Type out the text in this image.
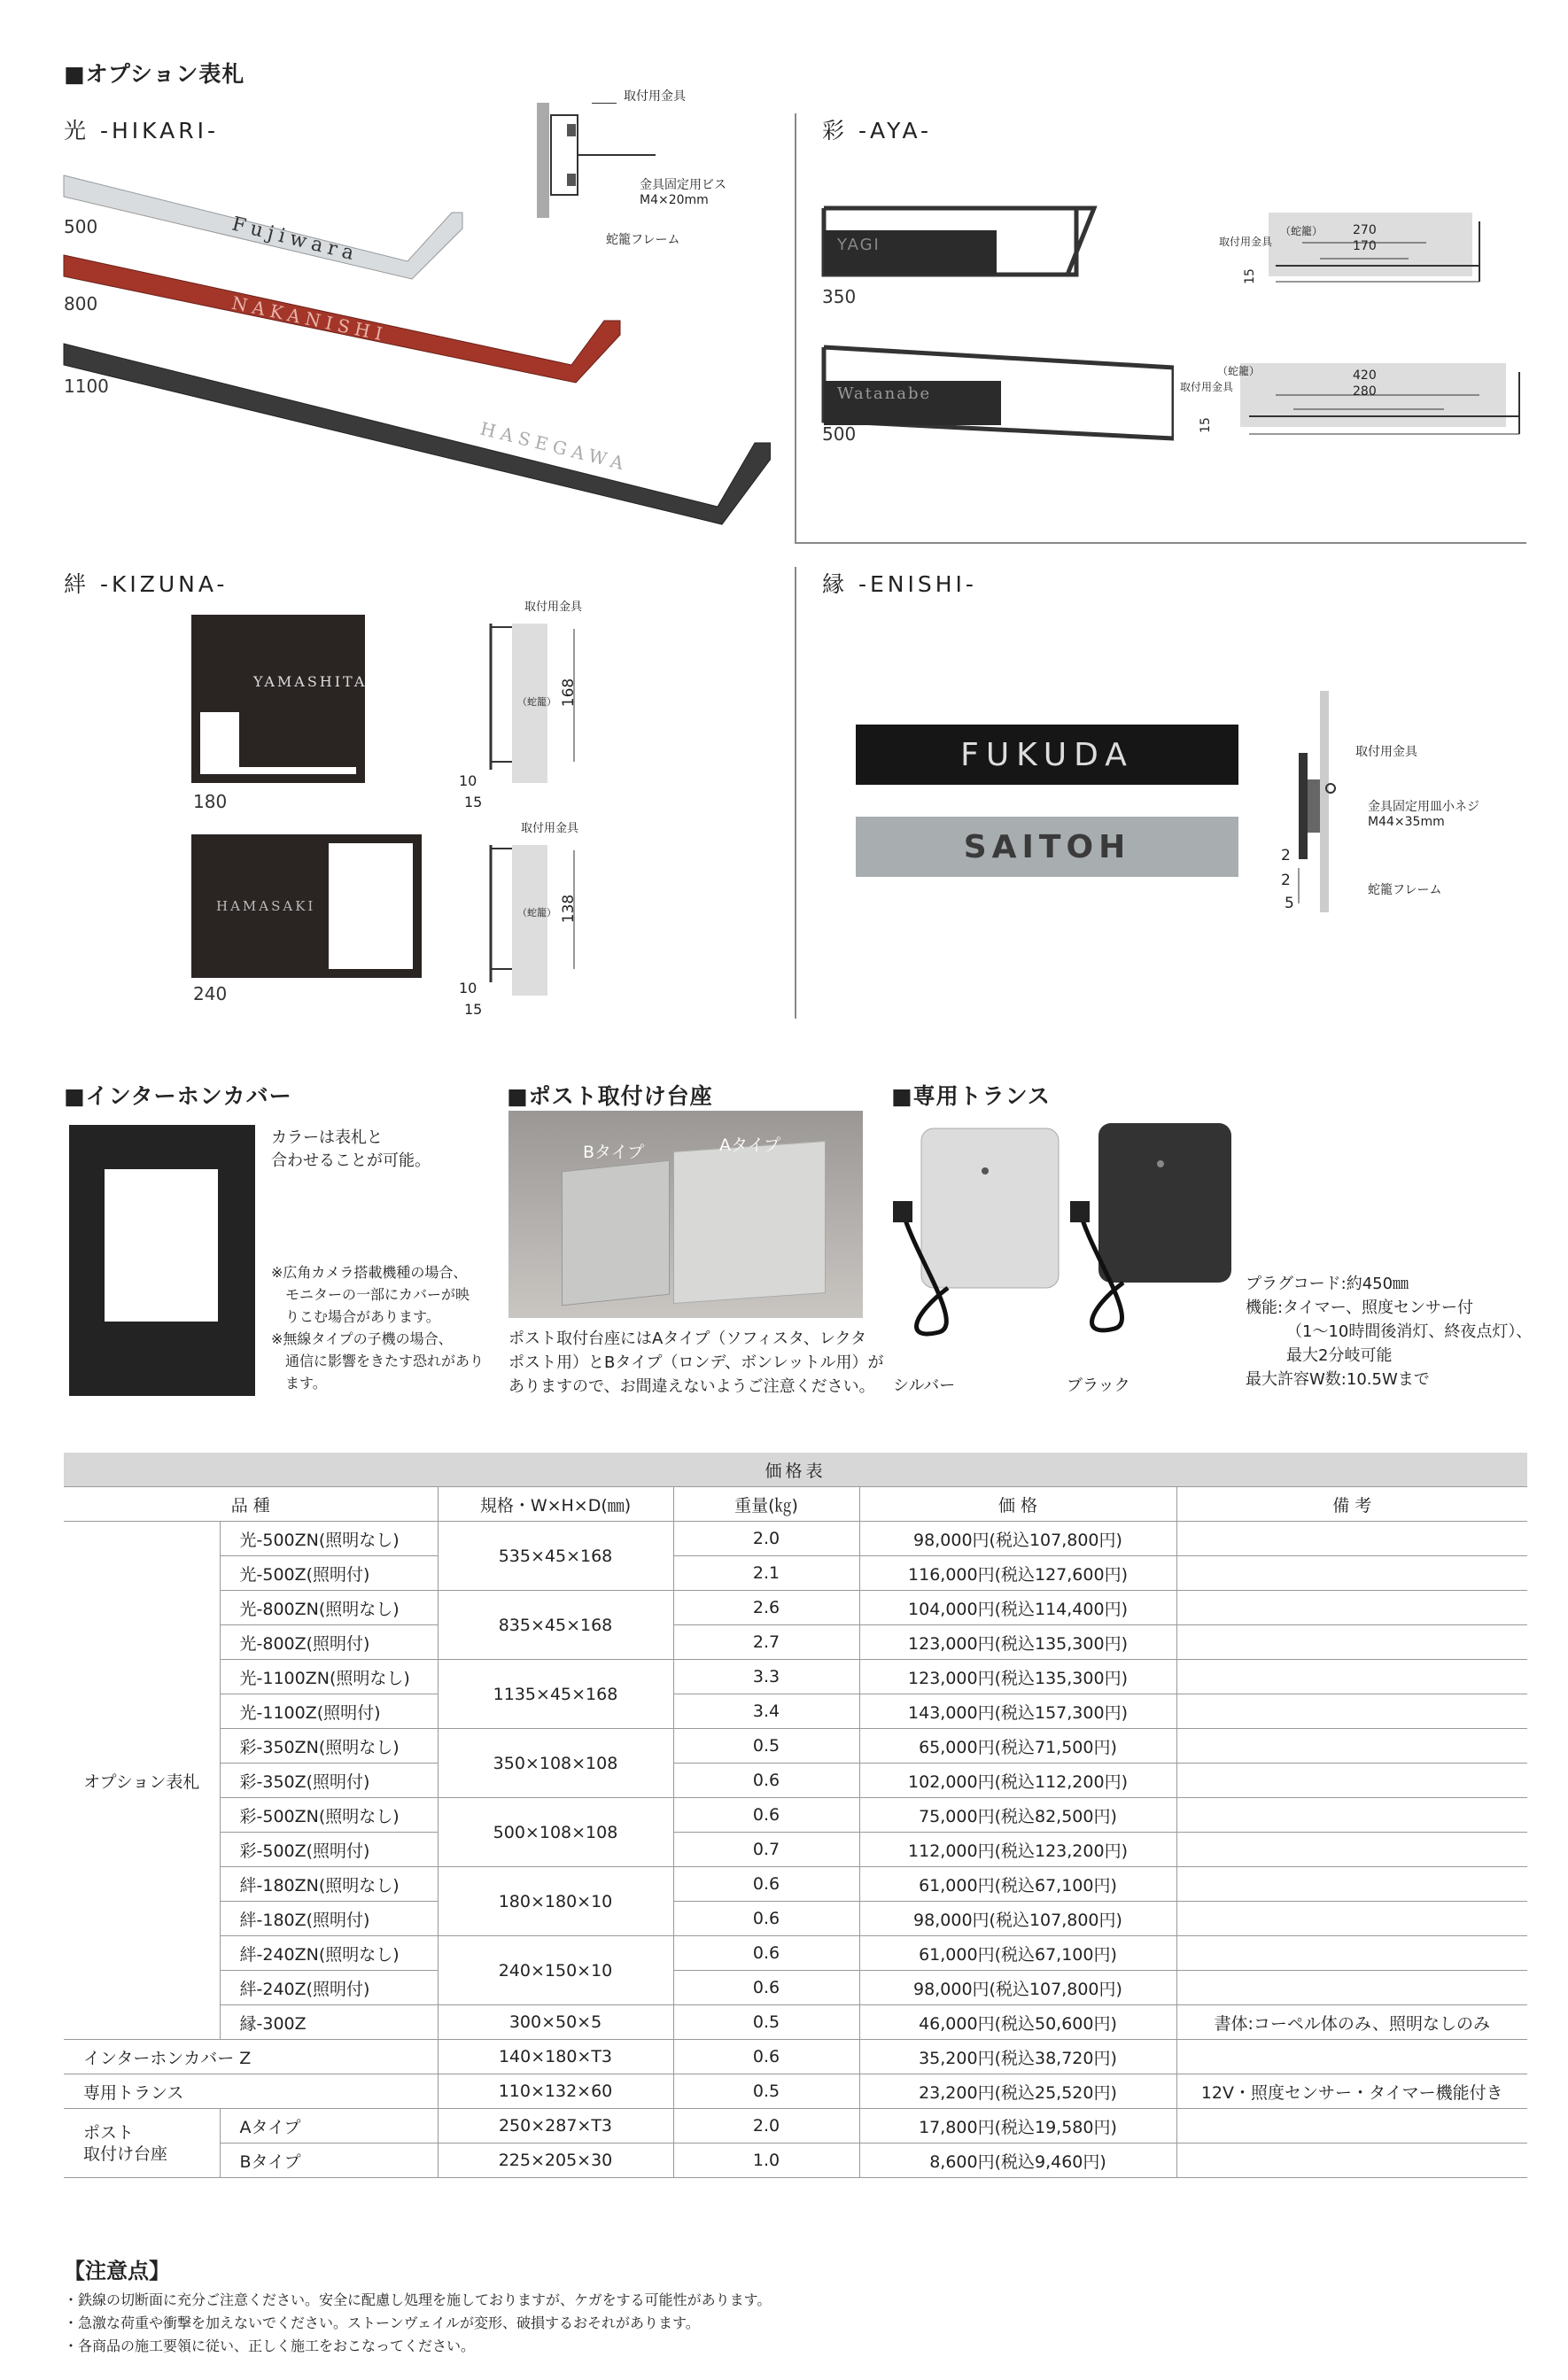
■オプション表札
光 -HIKARI-
Fujiwara
NAKANISHI
HASEGAWA
500
800
1100
取付用金具
金具固定用ビス
M4×20mm
蛇籠フレーム
彩 -AYA-
YAGI
Watanabe
350
500
（蛇籠）
取付用金具
270
170
15
（蛇籠）
取付用金具
420
280
15
絆 -KIZUNA-
YAMASHITA
HAMASAKI
180
240
取付用金具
（蛇籠） 168
10
15
取付用金具
（蛇籠） 138
10
15
縁 -ENISHI-
FUKUDA
SAITOH
取付用金具
金具固定用皿小ネジ
M44×35mm
蛇籠フレーム
2
2
5
■インターホンカバー	■ポスト取付け台座	■専用トランス
カラーは表札と
合わせることが可能。
※広角カメラ搭載機種の場合、
モニターの一部にカバーが映
りこむ場合があります。
※無線タイプの子機の場合、
通信に影響をきたす恐れがあり
ます。
Bタイプ	Aタイプ
ポスト取付台座にはAタイプ（ソフィスタ、レクタ
ポスト用）とBタイプ（ロンデ、ボンレットル用）が
ありますので、お間違えないようご注意ください。	シルバー	ブラック
プラグコード:約450㎜
機能:タイマー、照度センサー付
（1〜10時間後消灯、終夜点灯）、
最大2分岐可能
最大許容W数:10.5Wまで
価格表					
品 種		規格・W×H×D(㎜)	重量(㎏)	価 格	備 考
オプション表札	光-500ZN(照明なし)	535×45×168	2.0	98,000円(税込107,800円)	
	光-500Z(照明付)		2.1	116,000円(税込127,600円)	
	光-800ZN(照明なし)	835×45×168	2.6	104,000円(税込114,400円)	
	光-800Z(照明付)		2.7	123,000円(税込135,300円)	
	光-1100ZN(照明なし)	1135×45×168	3.3	123,000円(税込135,300円)	
	光-1100Z(照明付)		3.4	143,000円(税込157,300円)	
	彩-350ZN(照明なし)	350×108×108	0.5	65,000円(税込71,500円)	
	彩-350Z(照明付)		0.6	102,000円(税込112,200円)	
	彩-500ZN(照明なし)	500×108×108	0.6	75,000円(税込82,500円)	
	彩-500Z(照明付)		0.7	112,000円(税込123,200円)	
	絆-180ZN(照明なし)	180×180×10	0.6	61,000円(税込67,100円)	
	絆-180Z(照明付)		0.6	98,000円(税込107,800円)	
	絆-240ZN(照明なし)	240×150×10	0.6	61,000円(税込67,100円)	
	絆-240Z(照明付)		0.6	98,000円(税込107,800円)	
	縁-300Z	300×50×5	0.5	46,000円(税込50,600円)	書体:コーペル体のみ、照明なしのみ
インターホンカバー Z		140×180×T3	0.6	35,200円(税込38,720円)	
専用トランス		110×132×60	0.5	23,200円(税込25,520円)	12V・照度センサー・タイマー機能付き

ポスト
取付け台座	Aタイプ	250×287×T3	2.0	17,800円(税込19,580円)	
	Bタイプ	225×205×30	1.0	8,600円(税込9,460円)	
【注意点】
・鉄線の切断面に充分ご注意ください。安全に配慮し処理を施しておりますが、ケガをする可能性があります。
・急激な荷重や衝撃を加えないでください。ストーンヴェイルが変形、破損するおそれがあります。
・各商品の施工要領に従い、正しく施工をおこなってください。
